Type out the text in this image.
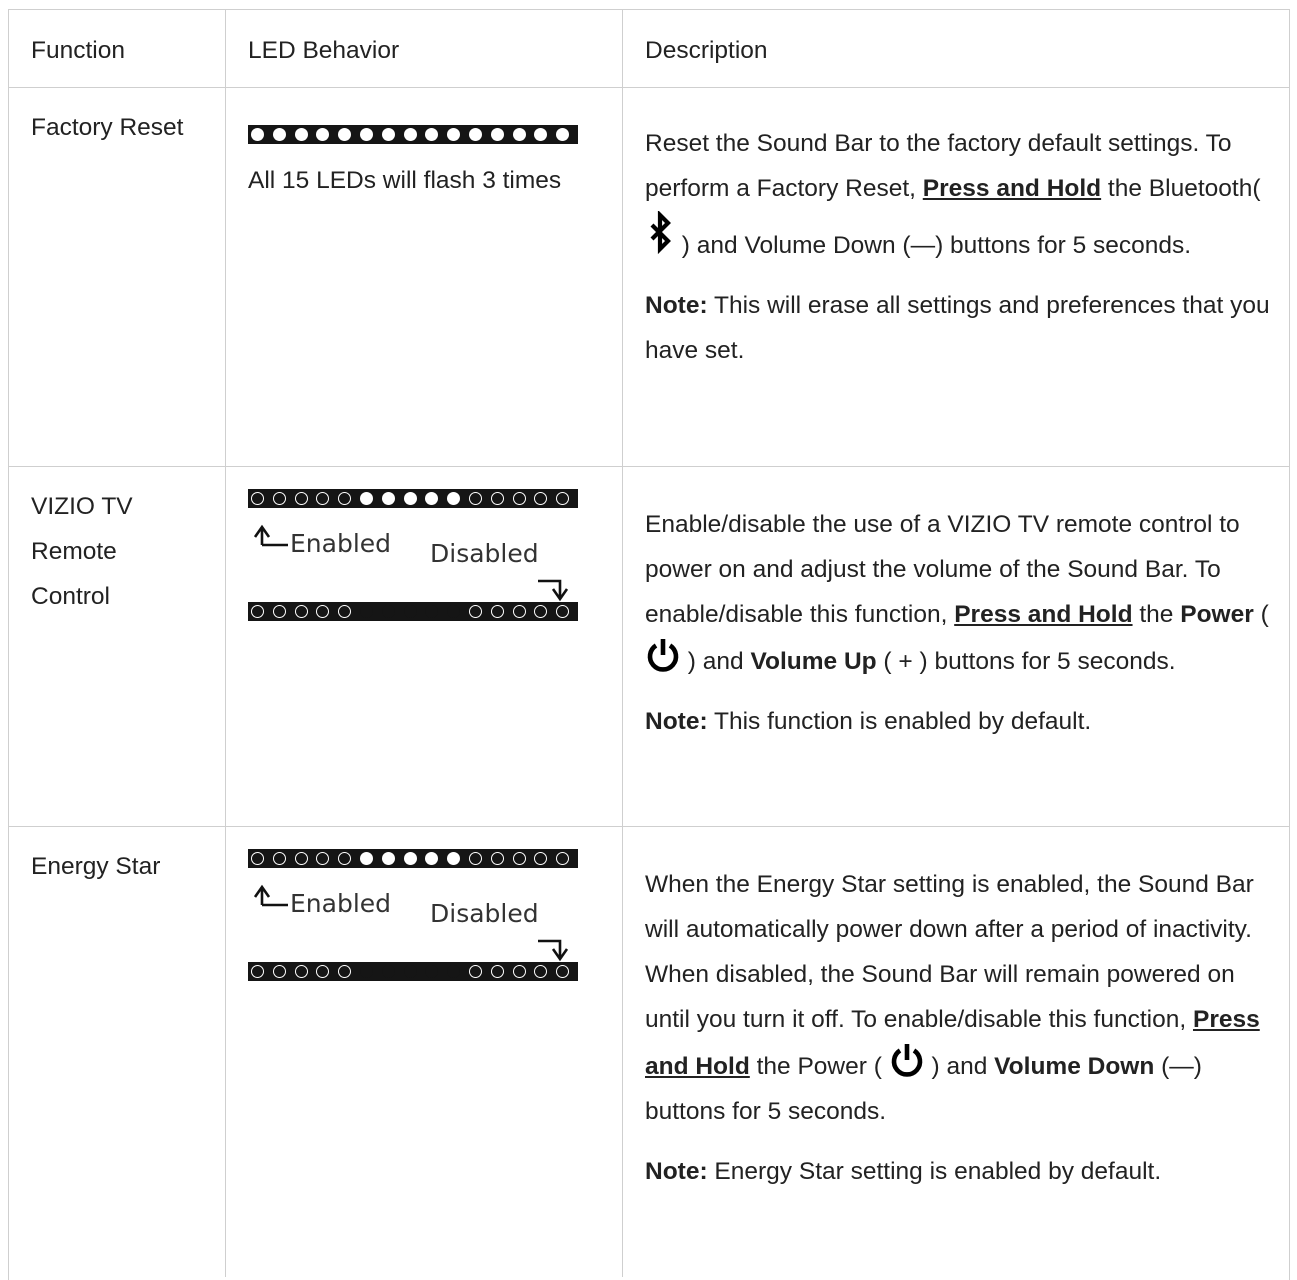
Function	LED Behavior	Description
Factory Reset
All 15 LEDs will flash 3 times

Reset the Sound Bar to the factory default settings. To perform a Factory Reset, Press and Hold the Bluetooth(  ) and Volume Down (—) buttons for 5 seconds.

Note: This will erase all settings and preferences that you have set.

VIZIO TV Remote Control
Enabled Disabled

Enable/disable the use of a VIZIO TV remote control to power on and adjust the volume of the Sound Bar. To enable/disable this function, Press and Hold the Power (  ) and Volume Up ( + ) buttons for 5 seconds.

Note: This function is enabled by default.

Energy Star
Enabled Disabled

When the Energy Star setting is enabled, the Sound Bar will automatically power down after a period of inactivity. When disabled, the Sound Bar will remain powered on until you turn it off. To enable/disable this function, Press and Hold the Power (  ) and Volume Down (—) buttons for 5 seconds.

Note: Energy Star setting is enabled by default.
